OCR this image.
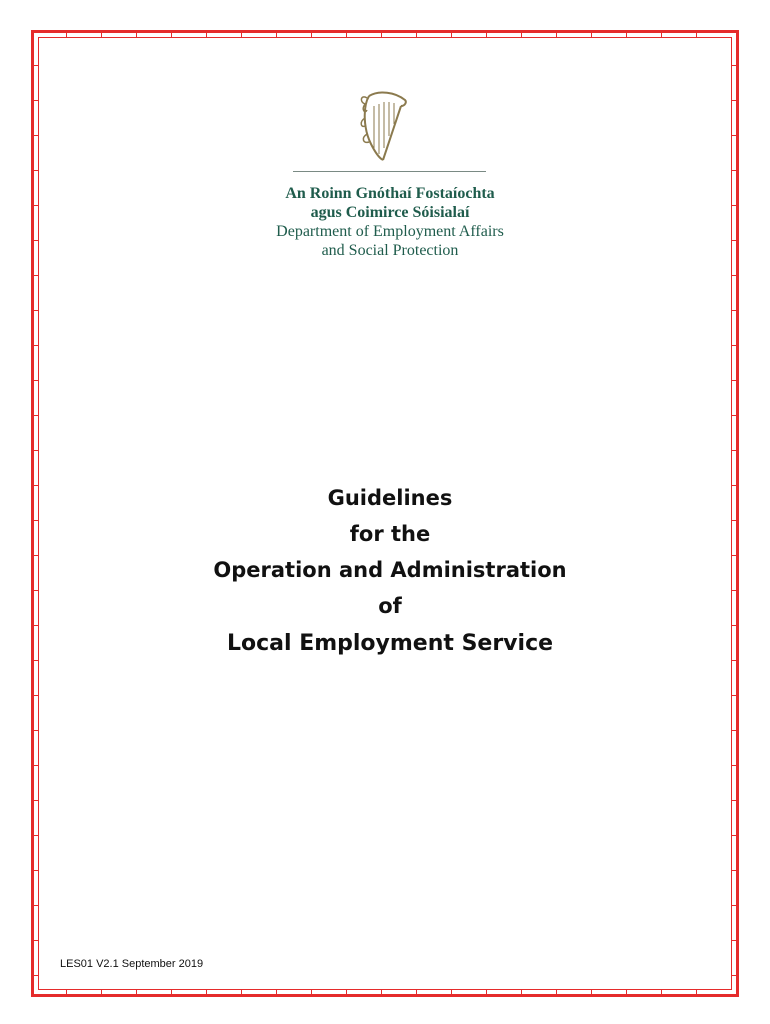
An Roinn Gnóthaí Fostaíochta
agus Coimirce Sóisialaí
Department of Employment Affairs
and Social Protection
Guidelines
for the
Operation and Administration
of
Local Employment Service
LES01 V2.1 September 2019
